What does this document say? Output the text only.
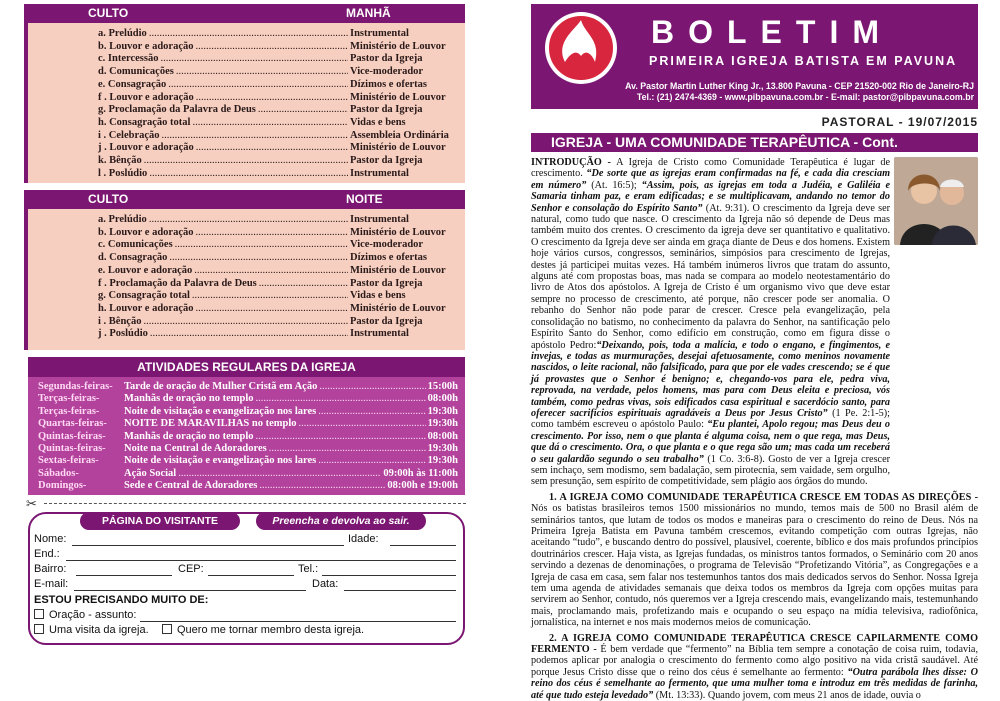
CULTO	MANHÃ
a. Prelúdio .....	Instrumental
b. Louvor e adoração .....	Ministério de Louvor
c. Intercessão .....	Pastor da Igreja
d. Comunicações .....	Vice-moderador
e. Consagração .....	Dízimos e ofertas
f . Louvor e adoração .....	Ministério de Louvor
g. Proclamação da Palavra de Deus .....	Pastor da Igreja
h. Consagração total .....	Vidas e bens
i . Celebração .....	Assembleia Ordinária
j . Louvor e adoração .....	Ministério de Louvor
k. Bênção .....	Pastor da Igreja
l . Poslúdio .....	Instrumental
CULTO	NOITE
a. Prelúdio .....	Instrumental
b. Louvor e adoração .....	Ministério de Louvor
c. Comunicações .....	Vice-moderador
d. Consagração .....	Dízimos e ofertas
e. Louvor e adoração .....	Ministério de Louvor
f . Proclamação da Palavra de Deus .....	Pastor da Igreja
g. Consagração total .....	Vidas e bens
h. Louvor e adoração .....	Ministério de Louvor
i . Bênção .....	Pastor da Igreja
j . Poslúdio .....	Instrumental
ATIVIDADES REGULARES DA IGREJA
Segundas-feiras-	Tarde de oração de Mulher Cristã em Ação .....	15:00h
Terças-feiras-	Manhãs de oração no templo .....	08:00h
Terças-feiras-	Noite de visitação e evangelização nos lares .....	19:30h
Quartas-feiras-	NOITE DE MARAVILHAS no templo .....	19:30h
Quintas-feiras-	Manhãs de oração no templo .....	08:00h
Quintas-feiras-	Noite na Central de Adoradores .....	19:30h
Sextas-feiras-	Noite de visitação e evangelização nos lares .....	19:30h
Sábados-	Ação Social .....	09:00h às 11:00h
Domingos-	Sede e Central de Adoradores .....	08:00h e 19:00h
✂
PÁGINA DO VISITANTE	Preencha e devolva ao sair.
Nome:	Idade:
End.:
Bairro:	CEP:	Tel.:
E-mail:	Data:
ESTOU PRECISANDO MUITO DE:
Oração - assunto:
Uma visita da igreja.	Quero me tornar membro desta igreja.
BOLETIM
PRIMEIRA IGREJA BATISTA EM PAVUNA
Av. Pastor Martin Luther King Jr., 13.800 Pavuna - CEP 21520-002 Rio de Janeiro-RJ
Tel.: (21) 2474-4369 - www.pibpavuna.com.br - E-mail: pastor@pibpavuna.com.br
PASTORAL - 19/07/2015
IGREJA - UMA COMUNIDADE TERAPÊUTICA - Cont.

INTRODUÇÃO - A Igreja de Cristo como Comunidade Terapêutica é lugar de crescimento. “De sorte que as igrejas eram confirmadas na fé, e cada dia cresciam em número” (At. 16:5); “Assim, pois, as igrejas em toda a Judéia, e Galiléia e Samaria tinham paz, e eram edificadas; e se multiplicavam, andando no temor do Senhor e consolação do Espírito Santo” (At. 9:31). O crescimento da Igreja deve ser natural, como tudo que nasce. O crescimento da Igreja não só depende de Deus mas também muito dos crentes. O crescimento da igreja deve ser quantitativo e qualitativo. O crescimento da Igreja deve ser ainda em graça diante de Deus e dos homens. Existem hoje vários cursos, congressos, seminários, simpósios para crescimento de Igrejas, destes já participei muitas vezes. Há também inúmeros livros que tratam do assunto, alguns até com propostas boas, mas nada se compara ao modelo neotestamentário do livro de Atos dos apóstolos. A Igreja de Cristo é um organismo vivo que deve estar sempre no processo de crescimento, até porque, não crescer pode ser anomalia. O rebanho do Senhor não pode parar de crescer. Cresce pela evangelização, pela consolidação no batismo, no conhecimento da palavra do Senhor, na santificação pelo Espírito Santo do Senhor, como edifício em construção, como em figura disse o apóstolo Pedro:“Deixando, pois, toda a malícia, e todo o engano, e fingimentos, e invejas, e todas as murmurações, desejai afetuosamente, como meninos novamente nascidos, o leite racional, não falsificado, para que por ele vades crescendo; se é que já provastes que o Senhor é benigno; e, chegando-vos para ele, pedra viva, reprovada, na verdade, pelos homens, mas para com Deus eleita e preciosa, vós também, como pedras vivas, sois edificados casa espiritual e sacerdócio santo, para oferecer sacrifícios espirituais agradáveis a Deus por Jesus Cristo” (1 Pe. 2:1-5); como também escreveu o apóstolo Paulo: “Eu plantei, Apolo regou; mas Deus deu o crescimento. Por isso, nem o que planta é alguma coisa, nem o que rega, mas Deus, que dá o crescimento. Ora, o que planta e o que rega são um; mas cada um receberá o seu galardão segundo o seu trabalho” (1 Co. 3:6-8). Gosto de ver a Igreja crescer sem inchaço, sem modismo, sem badalação, sem pirotecnia, sem vaidade, sem orgulho, sem presunção, sem espírito de competitividade, sem plágio aos órgãos do mundo.

1. A IGREJA COMO COMUNIDADE TERAPÊUTICA CRESCE EM TODAS AS DIREÇÕES - Nós os batistas brasileiros temos 1500 missionários no mundo, temos mais de 500 no Brasil além de seminários tantos, que lutam de todos os modos e maneiras para o crescimento do reino de Deus. Nós na Primeira Igreja Batista em Pavuna também crescemos, evitando competição com outras Igrejas, não aceitando “tudo”, e buscando dentro do possível, plausível, coerente, bíblico e dos mais profundos princípios doutrinários crescer. Haja vista, as Igrejas fundadas, os ministros tantos formados, o Seminário com 20 anos servindo a dezenas de denominações, o programa de Televisão “Profetizando Vitória”, as Congregações e a Igreja de casa em casa, sem falar nos testemunhos tantos dos mais dedicados servos do Senhor. Nossa Igreja tem uma agenda de atividades semanais que deixa todos os membros da Igreja com opções muitas para servirem ao Senhor, contudo, nós queremos ver a Igreja crescendo mais, evangelizando mais, testemunhando mais, proclamando mais, profetizando mais e ocupando o seu espaço na mídia televisiva, radiofônica, jornalística, na internet e nos mais modernos meios de comunicação.

2. A IGREJA COMO COMUNIDADE TERAPÊUTICA CRESCE CAPILARMENTE COMO FERMENTO - É bem verdade que “fermento” na Bíblia tem sempre a conotação de coisa ruim, todavia, podemos aplicar por analogia o crescimento do fermento como algo positivo na vida cristã saudável. Até porque Jesus Cristo disse que o reino dos céus é semelhante ao fermento: “Outra parábola lhes disse: O reino dos céus é semelhante ao fermento, que uma mulher toma e introduz em três medidas de farinha, até que tudo esteja levedado” (Mt. 13:33). Quando jovem, com meus 21 anos de idade, ouvia o
